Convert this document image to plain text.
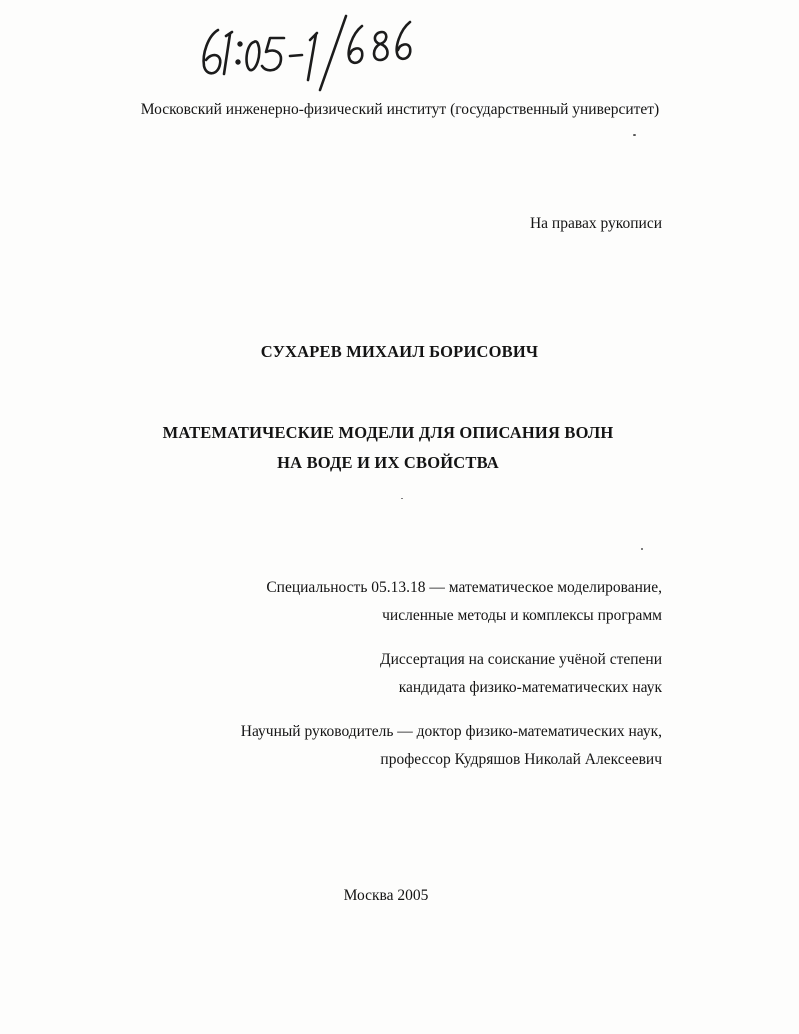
Московский инженерно-физический институт (государственный университет)
На правах рукописи
СУХАРЕВ МИХАИЛ БОРИСОВИЧ
МАТЕМАТИЧЕСКИЕ МОДЕЛИ ДЛЯ ОПИСАНИЯ ВОЛН
НА ВОДЕ И ИХ СВОЙСТВА
Специальность 05.13.18 — математическое моделирование,
численные методы и комплексы программ
Диссертация на соискание учёной степени
кандидата физико-математических наук
Научный руководитель — доктор физико-математических наук,
профессор Кудряшов Николай Алексеевич
Москва 2005
